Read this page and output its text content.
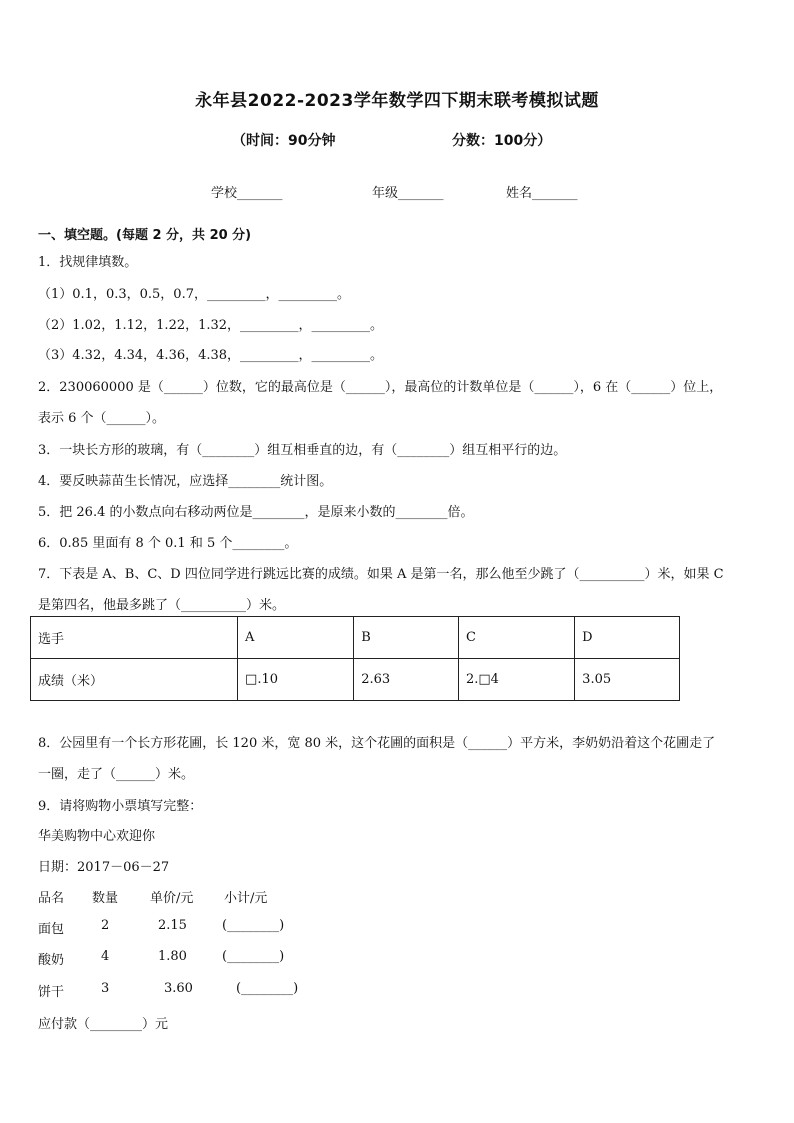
永年县2022-2023学年数学四下期末联考模拟试题
（时间：90分钟	分数：100分）
学校_______	年级_______	姓名_______
一、填空题。(每题 2 分，共 20 分)
1．找规律填数。
（1）0.1，0.3，0.5，0.7，_________，_________。
（2）1.02，1.12，1.22，1.32，_________，_________。
（3）4.32，4.34，4.36，4.38，_________，_________。
2．230060000 是（______）位数，它的最高位是（______），最高位的计数单位是（______），6 在（______）位上，
表示 6 个（______）。
3．一块长方形的玻璃，有（________）组互相垂直的边，有（________）组互相平行的边。
4．要反映蒜苗生长情况，应选择________统计图。
5．把 26.4 的小数点向右移动两位是________，是原来小数的________倍。
6．0.85 里面有 8 个 0.1 和 5 个________。
7．下表是 A、B、C、D 四位同学进行跳远比赛的成绩。如果 A 是第一名，那么他至少跳了（__________）米，如果 C
是第四名，他最多跳了（__________）米。
选手	A	B	C	D
成绩（米）	□.10	2.63	2.□4	3.05
8．公园里有一个长方形花圃，长 120 米，宽 80 米，这个花圃的面积是（______）平方米，李奶奶沿着这个花圃走了
一圈，走了（______）米。
9．请将购物小票填写完整：
华美购物中心欢迎你
日期：2017－06－27
品名 数量 单价/元 小计/元
面包	2	2.15	(________)
酸奶	4	1.80	(________)
饼干	3	3.60	(________)
应付款（________）元
